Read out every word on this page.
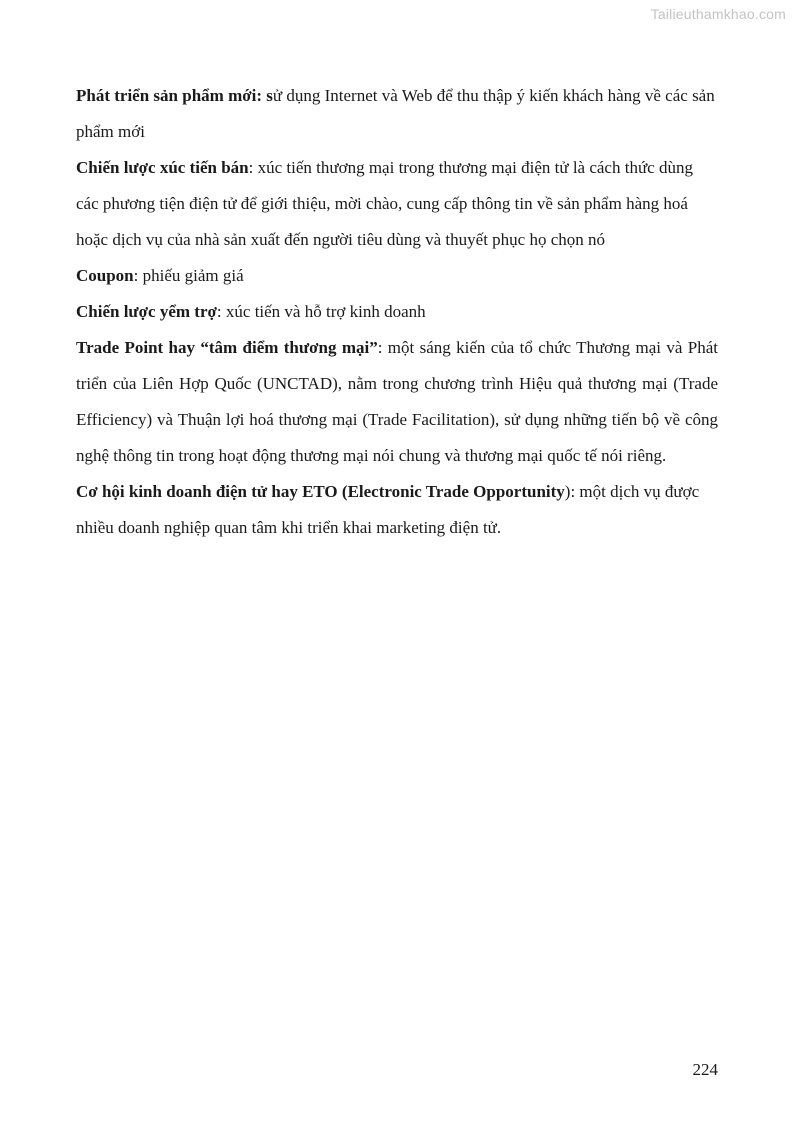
Tailieuthamkhao.com

Phát triển sản phẩm mới: sử dụng Internet và Web để thu thập ý kiến khách hàng về các sản phẩm mới

Chiến lược xúc tiến bán: xúc tiến thương mại trong thương mại điện tử là cách thức dùng các phương tiện điện tử để giới thiệu, mời chào, cung cấp thông tin về sản phẩm hàng hoá hoặc dịch vụ của nhà sản xuất đến người tiêu dùng và thuyết phục họ chọn nó

Coupon: phiếu giảm giá

Chiến lược yểm trợ: xúc tiến và hỗ trợ kinh doanh

Trade Point hay “tâm điểm thương mại”: một sáng kiến của tổ chức Thương mại và Phát triển của Liên Hợp Quốc (UNCTAD), nằm trong chương trình Hiệu quả thương mại (Trade Efficiency) và Thuận lợi hoá thương mại (Trade Facilitation), sử dụng những tiến bộ về công nghệ thông tin trong hoạt động thương mại nói chung và thương mại quốc tế nói riêng.

Cơ hội kinh doanh điện tử hay ETO (Electronic Trade Opportunity): một dịch vụ được nhiều doanh nghiệp quan tâm khi triển khai marketing điện tử.

224
